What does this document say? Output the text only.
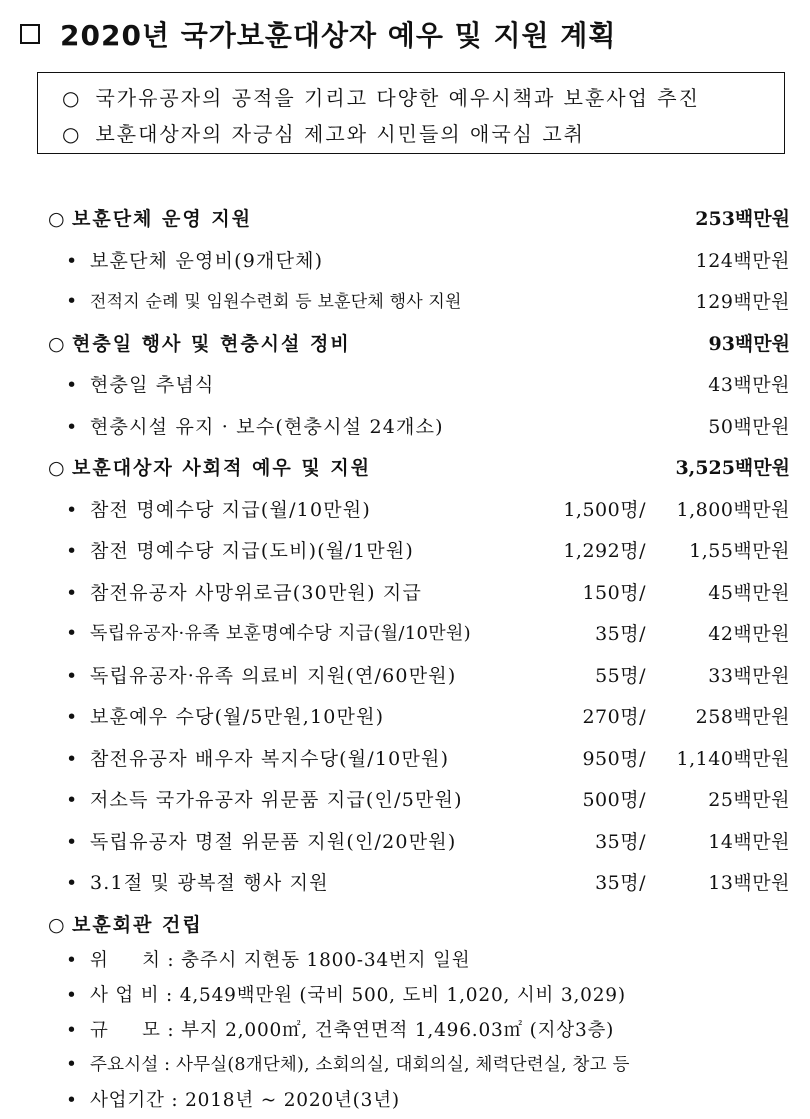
2020년 국가보훈대상자 예우 및 지원 계획
○ 국가유공자의 공적을 기리고 다양한 예우시책과 보훈사업 추진
○ 보훈대상자의 자긍심 제고와 시민들의 애국심 고취
○ 보훈단체 운영 지원	253백만원
• 보훈단체 운영비(9개단체)	124백만원
• 전적지 순례 및 임원수련회 등 보훈단체 행사 지원	129백만원
○ 현충일 행사 및 현충시설 정비	93백만원
• 현충일 추념식	43백만원
• 현충시설 유지 · 보수(현충시설 24개소)	50백만원
○ 보훈대상자 사회적 예우 및 지원	3,525백만원
• 참전 명예수당 지급(월/10만원)	1,500명/ 1,800백만원
• 참전 명예수당 지급(도비)(월/1만원)	1,292명/ 1,55백만원
• 참전유공자 사망위로금(30만원) 지급	150명/	45백만원
• 독립유공자·유족 보훈명예수당 지급(월/10만원)	35명/	42백만원
• 독립유공자·유족 의료비 지원(연/60만원)	55명/	33백만원
• 보훈예우 수당(월/5만원,10만원)	270명/	258백만원
• 참전유공자 배우자 복지수당(월/10만원)	950명/ 1,140백만원
• 저소득 국가유공자 위문품 지급(인/5만원)	500명/	25백만원
• 독립유공자 명절 위문품 지원(인/20만원)	35명/	14백만원
• 3.1절 및 광복절 행사 지원	35명/	13백만원
○ 보훈회관 건립
• 위     치 : 충주시 지현동 1800-34번지 일원
• 사 업 비 : 4,549백만원 (국비 500, 도비 1,020, 시비 3,029)
• 규     모 : 부지 2,000㎡, 건축연면적 1,496.03㎡ (지상3층)
• 주요시설 : 사무실(8개단체), 소회의실, 대회의실, 체력단련실, 창고 등
• 사업기간 : 2018년 ~ 2020년(3년)
